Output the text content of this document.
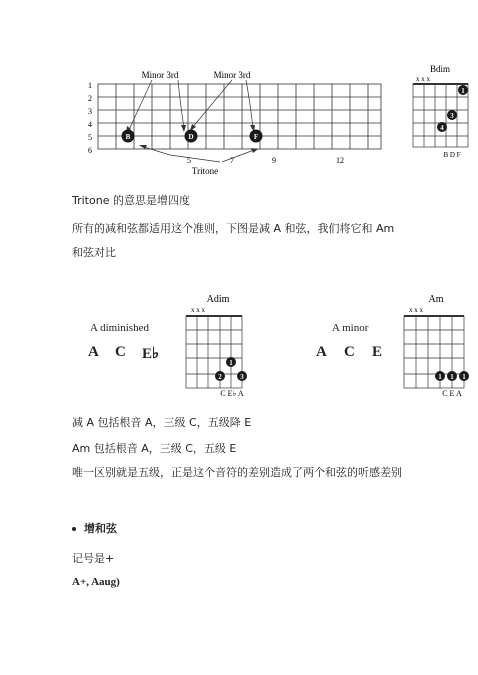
1
2
3
4
5
6
Minor 3rd	Minor 3rd
B	D	F
5	7	9	12
Tritone
Bdim
x x x
1
3
4
B D F
Tritone 的意思是增四度
所有的减和弦都适用这个准则，下图是减 A 和弦，我们将它和 Am
和弦对比
A diminished
A C E♭
Adim
x x x
1
2	3
C E♭ A
A minor
A C E
Am
x x x
1 1 1
C E A
减 A 包括根音 A，三级 C，五级降 E
Am 包括根音 A，三级 C，五级 E
唯一区别就是五级，正是这个音符的差别造成了两个和弦的听感差别
增和弦
记号是+
A+, Aaug)
